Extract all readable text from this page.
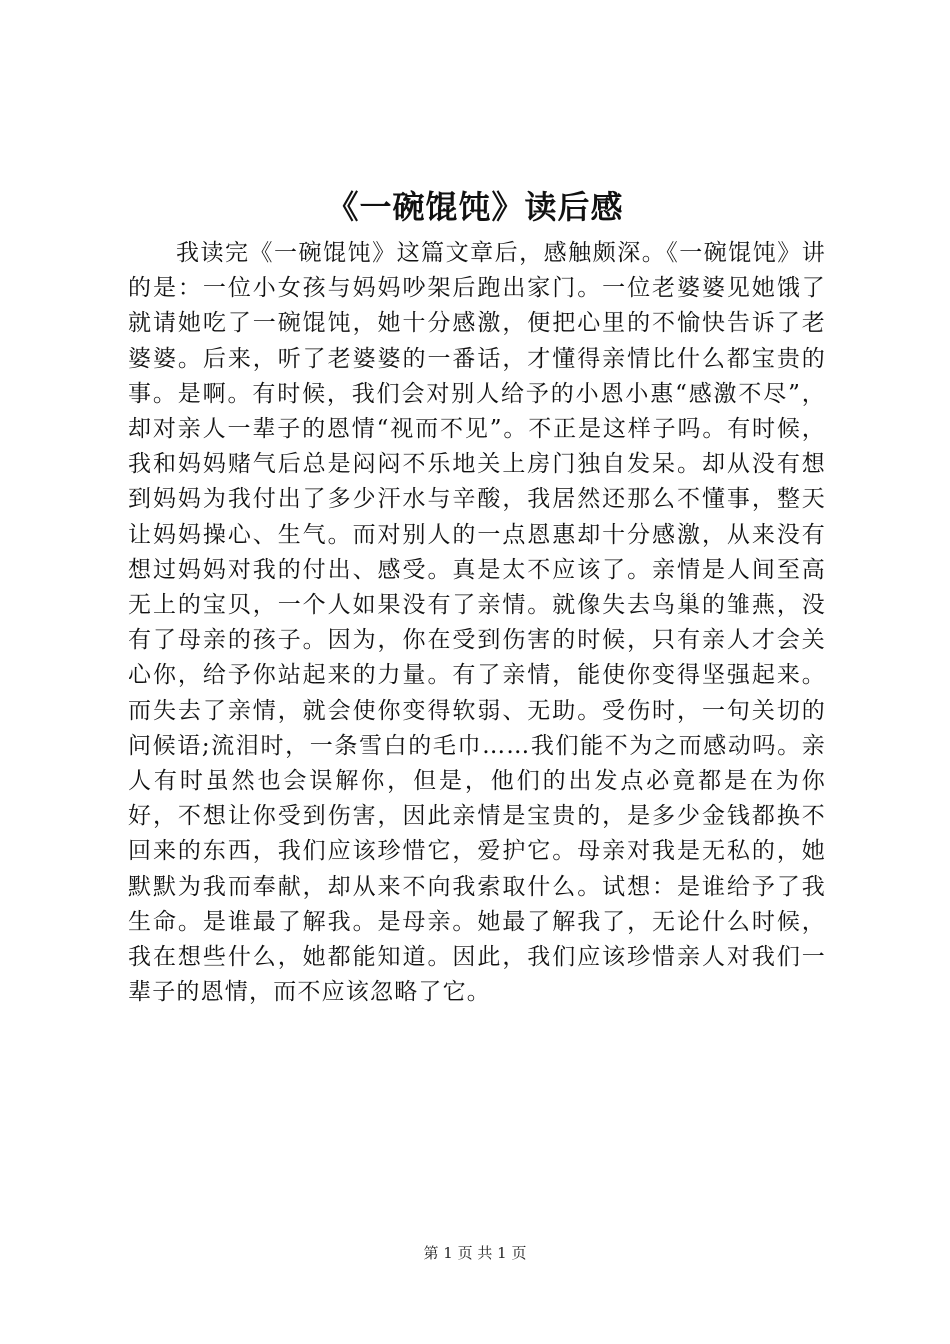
《一碗馄饨》读后感

我读完《一碗馄饨》这篇文章后，感触颇深。《一碗馄饨》讲的是：一位小女孩与妈妈吵架后跑出家门。一位老婆婆见她饿了就请她吃了一碗馄饨，她十分感激，便把心里的不愉快告诉了老婆婆。后来，听了老婆婆的一番话，才懂得亲情比什么都宝贵的事。是啊。有时候，我们会对别人给予的小恩小惠“感激不尽”，却对亲人一辈子的恩情“视而不见”。不正是这样子吗。有时候，我和妈妈赌气后总是闷闷不乐地关上房门独自发呆。却从没有想到妈妈为我付出了多少汗水与辛酸，我居然还那么不懂事，整天让妈妈操心、生气。而对别人的一点恩惠却十分感激，从来没有想过妈妈对我的付出、感受。真是太不应该了。亲情是人间至高无上的宝贝，一个人如果没有了亲情。就像失去鸟巢的雏燕，没有了母亲的孩子。因为，你在受到伤害的时候，只有亲人才会关心你，给予你站起来的力量。有了亲情，能使你变得坚强起来。而失去了亲情，就会使你变得软弱、无助。受伤时，一句关切的问候语;流泪时，一条雪白的毛巾……我们能不为之而感动吗。亲人有时虽然也会误解你，但是，他们的出发点必竟都是在为你好，不想让你受到伤害，因此亲情是宝贵的，是多少金钱都换不回来的东西，我们应该珍惜它，爱护它。母亲对我是无私的，她默默为我而奉献，却从来不向我索取什么。试想：是谁给予了我生命。是谁最了解我。是母亲。她最了解我了，无论什么时候，我在想些什么，她都能知道。因此，我们应该珍惜亲人对我们一辈子的恩情，而不应该忽略了它。

第 1 页 共 1 页
